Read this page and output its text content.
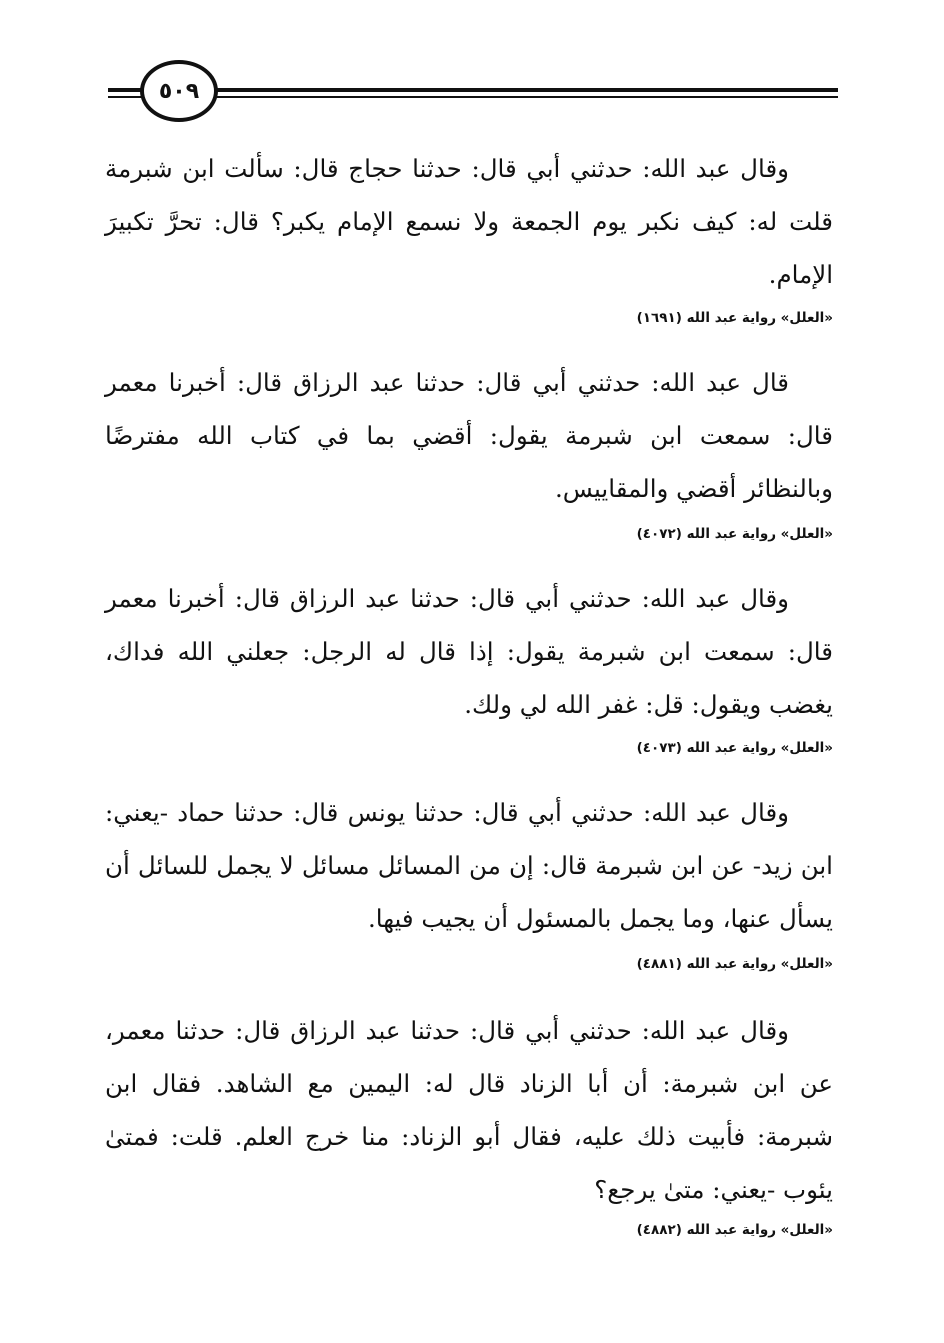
٥٠٩

وقال عبد الله: حدثني أبي قال: حدثنا حجاج قال: سألت ابن شبرمة قلت له: كيف نكبر يوم الجمعة ولا نسمع الإمام يكبر؟ قال: تحرَّ تكبيرَ الإمام.

«العلل» رواية عبد الله (١٦٩١)

قال عبد الله: حدثني أبي قال: حدثنا عبد الرزاق قال: أخبرنا معمر قال: سمعت ابن شبرمة يقول: أقضي بما في كتاب الله مفترضًا وبالنظائر أقضي والمقاييس.

«العلل» رواية عبد الله (٤٠٧٢)

وقال عبد الله: حدثني أبي قال: حدثنا عبد الرزاق قال: أخبرنا معمر قال: سمعت ابن شبرمة يقول: إذا قال له الرجل: جعلني الله فداك، يغضب ويقول: قل: غفر الله لي ولك.

«العلل» رواية عبد الله (٤٠٧٣)

وقال عبد الله: حدثني أبي قال: حدثنا يونس قال: حدثنا حماد -يعني: ابن زيد- عن ابن شبرمة قال: إن من المسائل مسائل لا يجمل للسائل أن يسأل عنها، وما يجمل بالمسئول أن يجيب فيها.

«العلل» رواية عبد الله (٤٨٨١)

وقال عبد الله: حدثني أبي قال: حدثنا عبد الرزاق قال: حدثنا معمر، عن ابن شبرمة: أن أبا الزناد قال له: اليمين مع الشاهد. فقال ابن شبرمة: فأبيت ذلك عليه، فقال أبو الزناد: منا خرج العلم. قلت: فمتىٰ يئوب -يعني: متىٰ يرجع؟

«العلل» رواية عبد الله (٤٨٨٢)
